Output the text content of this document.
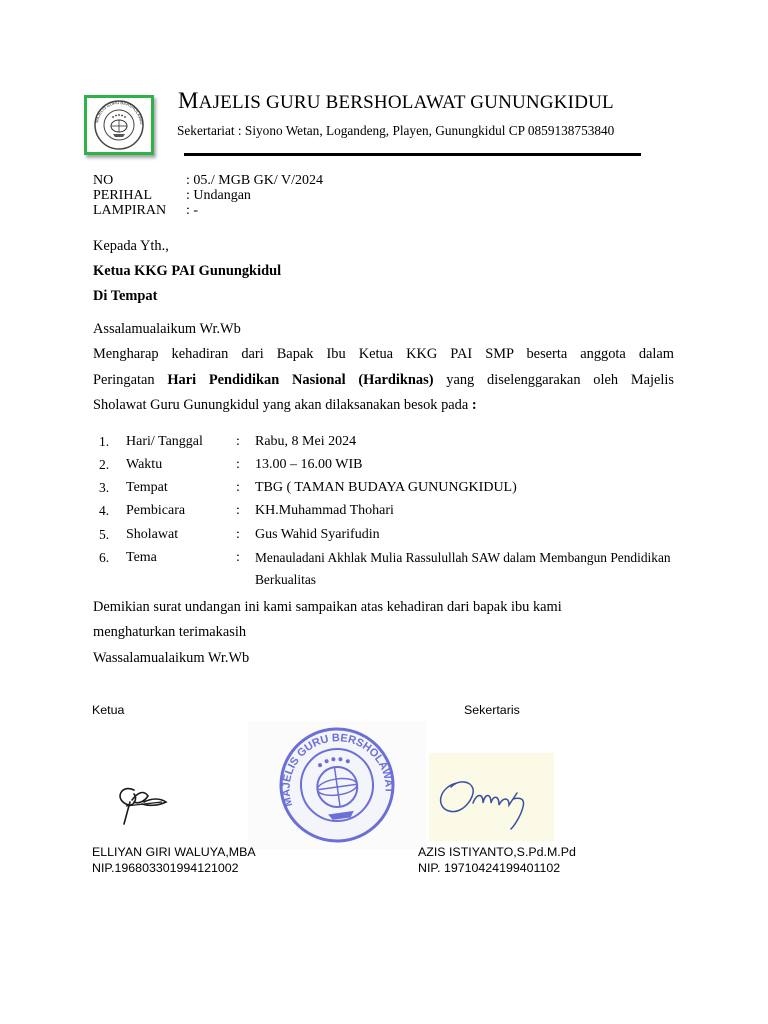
MAJELIS GURU BERSHOLAWAT
MAJELIS GURU BERSHOLAWAT GUNUNGKIDUL
Sekertariat : Siyono Wetan, Logandeng, Playen, Gunungkidul CP 0859138753840
NO	: 05./ MGB GK/ V/2024
PERIHAL : Undangan
LAMPIRAN : -
Kepada Yth.,
Ketua KKG PAI Gunungkidul
Di Tempat
Assalamualaikum Wr.Wb
Mengharap kehadiran dari Bapak Ibu Ketua KKG PAI SMP beserta anggota dalam
Peringatan Hari Pendidikan Nasional (Hardiknas) yang diselenggarakan oleh Majelis
Sholawat Guru Gunungkidul yang akan dilaksanakan besok pada :
1. Hari/ Tanggal : Rabu, 8 Mei 2024
2. Waktu	: 13.00 – 16.00 WIB
3. Tempat	: TBG ( TAMAN BUDAYA GUNUNGKIDUL)
4. Pembicara	: KH.Muhammad Thohari
5. Sholawat	: Gus Wahid Syarifudin
6. Tema	: Menauladani Akhlak Mulia Rassulullah SAW dalam Membangun Pendidikan
Berkualitas
Demikian surat undangan ini kami sampaikan atas kehadiran dari bapak ibu kami
menghaturkan terimakasih
Wassalamualaikum Wr.Wb
Ketua	Sekertaris
MAJELIS GURU BERSHOLAWAT
ELLIYAN GIRI WALUYA,MBA
NIP.196803301994121002
AZIS ISTIYANTO,S.Pd.M.Pd
NIP. 19710424199401102
